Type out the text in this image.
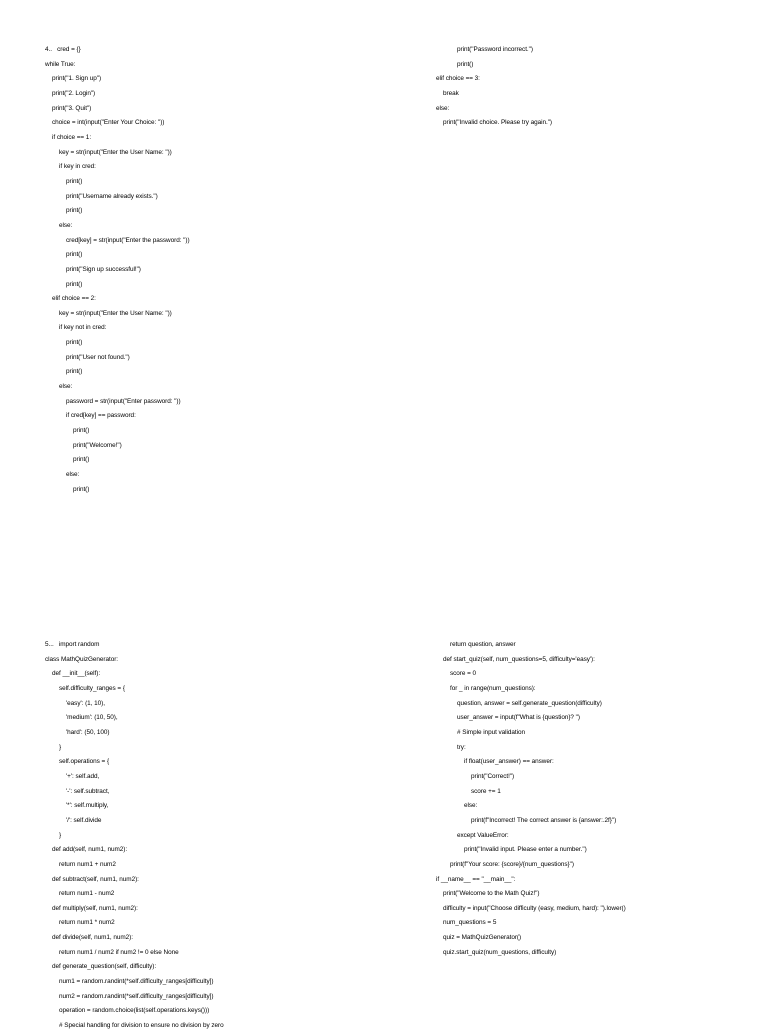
4..   cred = {}
while True:
print("1. Sign up")
print("2. Login")
print("3. Quit")
choice = int(input("Enter Your Choice: "))
if choice == 1:
key = str(input("Enter the User Name: "))
if key in cred:
print()
print("Username already exists.")
print()
else:
cred[key] = str(input("Enter the password: "))
print()
print("Sign up successful!")
print()
elif choice == 2:
key = str(input("Enter the User Name: "))
if key not in cred:
print()
print("User not found.")
print()
else:
password = str(input("Enter password: "))
if cred[key] == password:
print()
print("Welcome!")
print()
else:
print()
print("Password incorrect.")
print()
elif choice == 3:
break
else:
print("Invalid choice. Please try again.")
5...   import random
class MathQuizGenerator:
def __init__(self):
self.difficulty_ranges = {
'easy': (1, 10),
'medium': (10, 50),
'hard': (50, 100)
}
self.operations = {
'+': self.add,
'-': self.subtract,
'*': self.multiply,
'/': self.divide
}
def add(self, num1, num2):
return num1 + num2
def subtract(self, num1, num2):
return num1 - num2
def multiply(self, num1, num2):
return num1 * num2
def divide(self, num1, num2):
return num1 / num2 if num2 != 0 else None
def generate_question(self, difficulty):
num1 = random.randint(*self.difficulty_ranges[difficulty])
num2 = random.randint(*self.difficulty_ranges[difficulty])
operation = random.choice(list(self.operations.keys()))
# Special handling for division to ensure no division by zero
return question, answer
def start_quiz(self, num_questions=5, difficulty='easy'):
score = 0
for _ in range(num_questions):
question, answer = self.generate_question(difficulty)
user_answer = input(f"What is {question}? ")
# Simple input validation
try:
if float(user_answer) == answer:
print("Correct!")
score += 1
else:
print(f"Incorrect! The correct answer is {answer:.2f}")
except ValueError:
print("Invalid input. Please enter a number.")
print(f"Your score: {score}/{num_questions}")
if __name__ == "__main__":
print("Welcome to the Math Quiz!")
difficulty = input("Choose difficulty (easy, medium, hard): ").lower()
num_questions = 5
quiz = MathQuizGenerator()
quiz.start_quiz(num_questions, difficulty)
